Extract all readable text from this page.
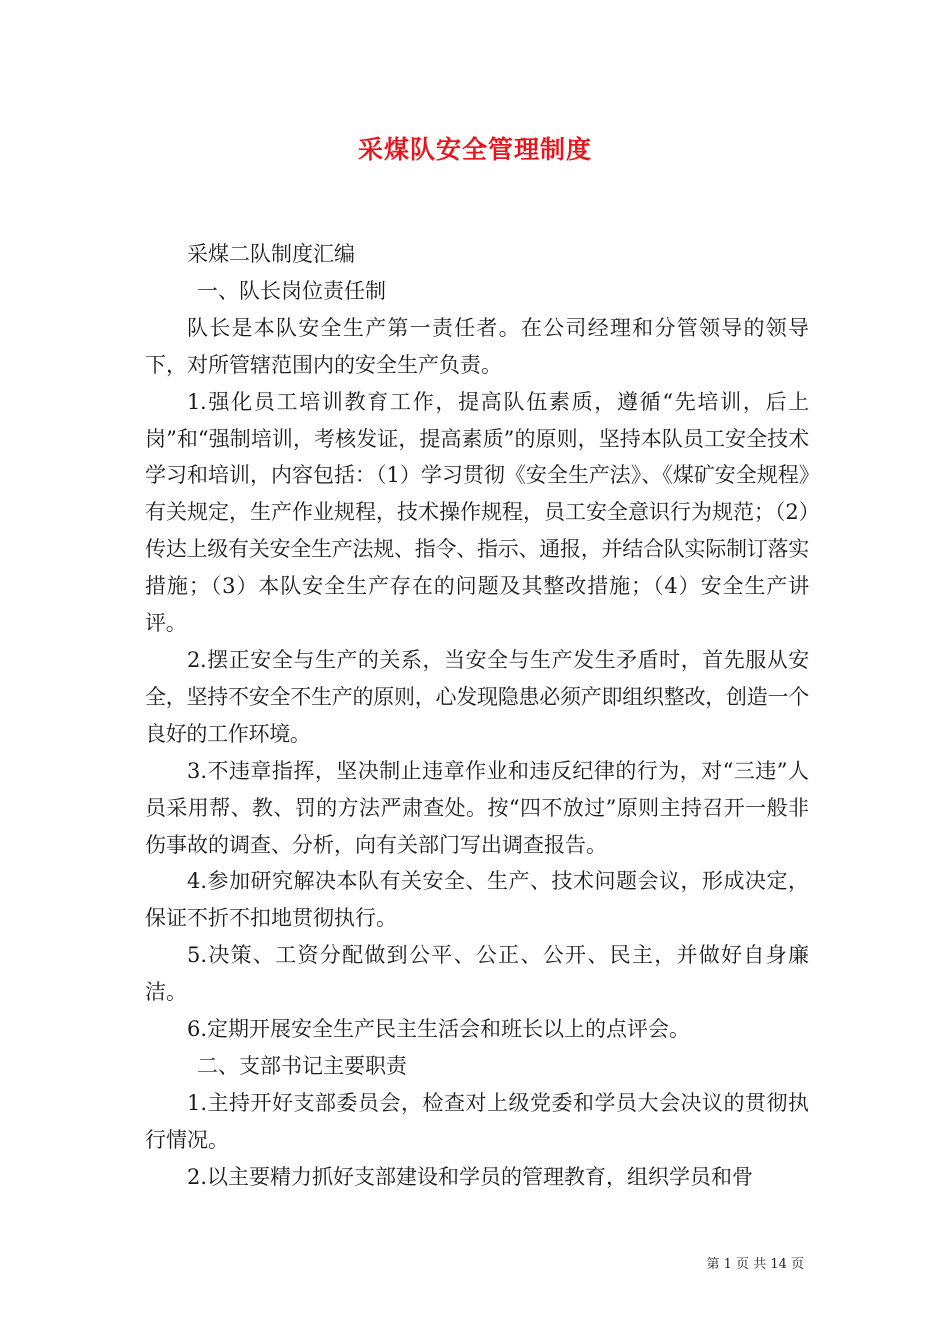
采煤队安全管理制度

采煤二队制度汇编

一、队长岗位责任制

队长是本队安全生产第一责任者。在公司经理和分管领导的领导下，对所管辖范围内的安全生产负责。

1.强化员工培训教育工作，提高队伍素质，遵循“先培训，后上岗”和“强制培训，考核发证，提高素质”的原则，坚持本队员工安全技术学习和培训，内容包括：（1）学习贯彻《安全生产法》、《煤矿安全规程》有关规定，生产作业规程，技术操作规程，员工安全意识行为规范；（2）传达上级有关安全生产法规、指令、指示、通报，并结合队实际制订落实措施；（3）本队安全生产存在的问题及其整改措施；（4）安全生产讲评。

2.摆正安全与生产的关系，当安全与生产发生矛盾时，首先服从安全，坚持不安全不生产的原则，心发现隐患必须产即组织整改，创造一个良好的工作环境。

3.不违章指挥，坚决制止违章作业和违反纪律的行为，对“三违”人员采用帮、教、罚的方法严肃查处。按“四不放过”原则主持召开一般非伤事故的调查、分析，向有关部门写出调查报告。

4.参加研究解决本队有关安全、生产、技术问题会议，形成决定，保证不折不扣地贯彻执行。

5.决策、工资分配做到公平、公正、公开、民主，并做好自身廉洁。

6.定期开展安全生产民主生活会和班长以上的点评会。

二、支部书记主要职责

1.主持开好支部委员会，检查对上级党委和学员大会决议的贯彻执行情况。

2.以主要精力抓好支部建设和学员的管理教育，组织学员和骨

第 1 页 共 14 页
